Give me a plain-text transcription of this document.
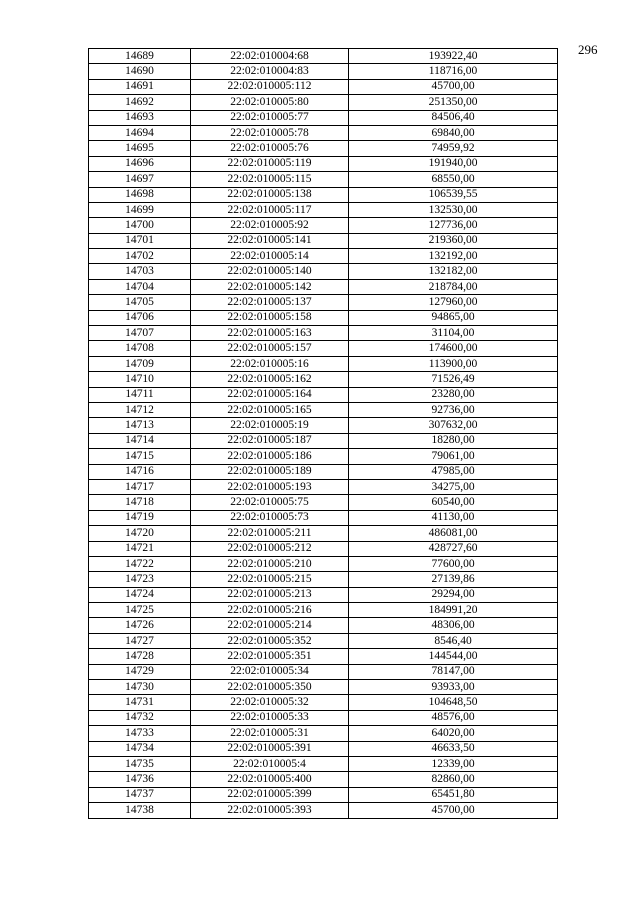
296
14689	22:02:010004:68	193922,40
14690	22:02:010004:83	118716,00
14691	22:02:010005:112	45700,00
14692	22:02:010005:80	251350,00
14693	22:02:010005:77	84506,40
14694	22:02:010005:78	69840,00
14695	22:02:010005:76	74959,92
14696	22:02:010005:119	191940,00
14697	22:02:010005:115	68550,00
14698	22:02:010005:138	106539,55
14699	22:02:010005:117	132530,00
14700	22:02:010005:92	127736,00
14701	22:02:010005:141	219360,00
14702	22:02:010005:14	132192,00
14703	22:02:010005:140	132182,00
14704	22:02:010005:142	218784,00
14705	22:02:010005:137	127960,00
14706	22:02:010005:158	94865,00
14707	22:02:010005:163	31104,00
14708	22:02:010005:157	174600,00
14709	22:02:010005:16	113900,00
14710	22:02:010005:162	71526,49
14711	22:02:010005:164	23280,00
14712	22:02:010005:165	92736,00
14713	22:02:010005:19	307632,00
14714	22:02:010005:187	18280,00
14715	22:02:010005:186	79061,00
14716	22:02:010005:189	47985,00
14717	22:02:010005:193	34275,00
14718	22:02:010005:75	60540,00
14719	22:02:010005:73	41130,00
14720	22:02:010005:211	486081,00
14721	22:02:010005:212	428727,60
14722	22:02:010005:210	77600,00
14723	22:02:010005:215	27139,86
14724	22:02:010005:213	29294,00
14725	22:02:010005:216	184991,20
14726	22:02:010005:214	48306,00
14727	22:02:010005:352	8546,40
14728	22:02:010005:351	144544,00
14729	22:02:010005:34	78147,00
14730	22:02:010005:350	93933,00
14731	22:02:010005:32	104648,50
14732	22:02:010005:33	48576,00
14733	22:02:010005:31	64020,00
14734	22:02:010005:391	46633,50
14735	22:02:010005:4	12339,00
14736	22:02:010005:400	82860,00
14737	22:02:010005:399	65451,80
14738	22:02:010005:393	45700,00
